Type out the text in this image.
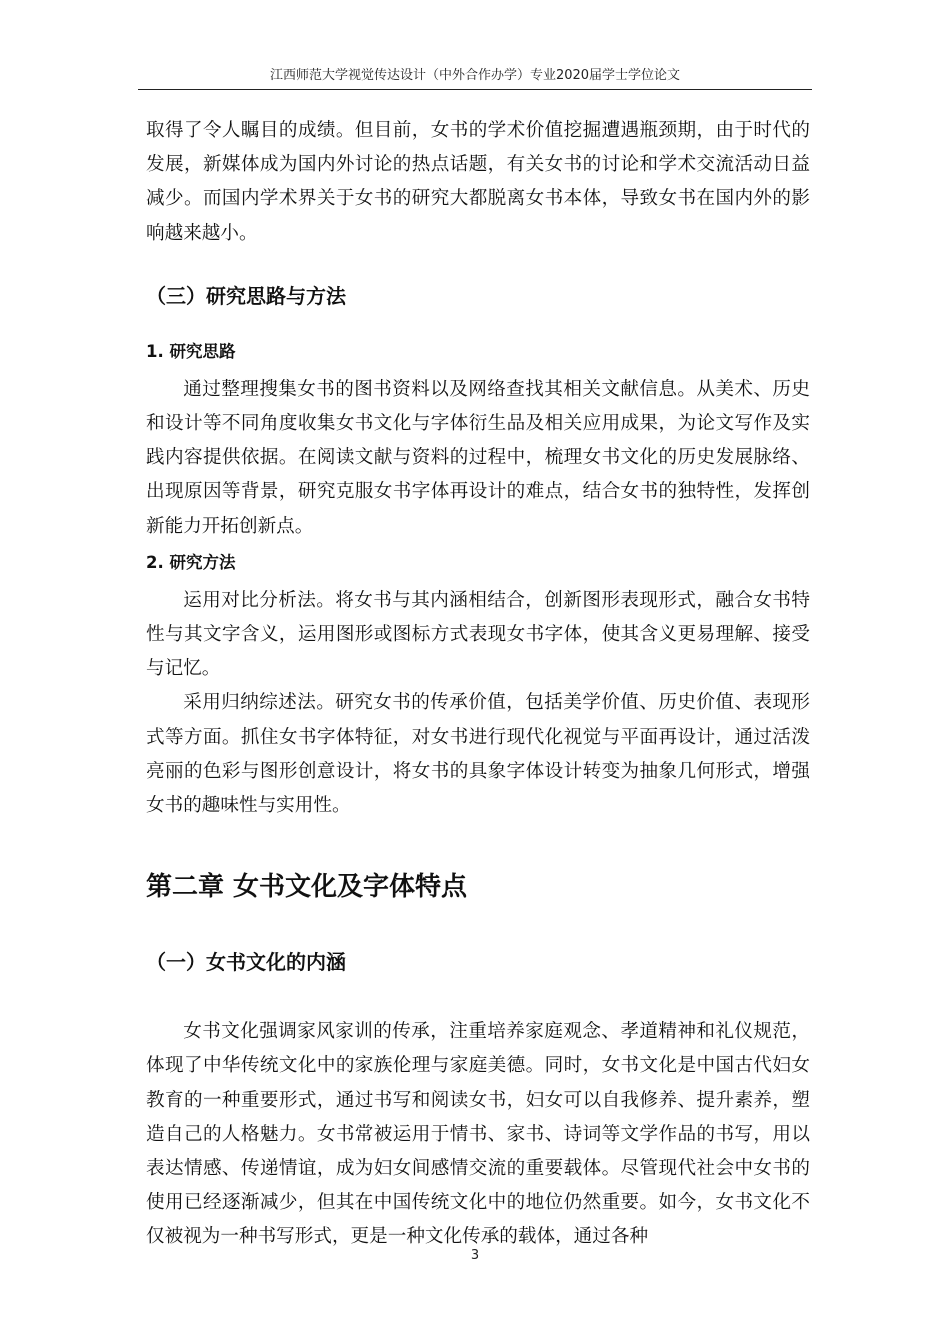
江西师范大学视觉传达设计（中外合作办学）专业2020届学士学位论文

取得了令人瞩目的成绩。但目前，女书的学术价值挖掘遭遇瓶颈期，由于时代的发展，新媒体成为国内外讨论的热点话题，有关女书的讨论和学术交流活动日益减少。而国内学术界关于女书的研究大都脱离女书本体，导致女书在国内外的影响越来越小。

（三）研究思路与方法
1. 研究思路

通过整理搜集女书的图书资料以及网络查找其相关文献信息。从美术、历史和设计等不同角度收集女书文化与字体衍生品及相关应用成果，为论文写作及实践内容提供依据。在阅读文献与资料的过程中，梳理女书文化的历史发展脉络、出现原因等背景，研究克服女书字体再设计的难点，结合女书的独特性，发挥创新能力开拓创新点。

2. 研究方法

运用对比分析法。将女书与其内涵相结合，创新图形表现形式，融合女书特性与其文字含义，运用图形或图标方式表现女书字体，使其含义更易理解、接受与记忆。

采用归纳综述法。研究女书的传承价值，包括美学价值、历史价值、表现形式等方面。抓住女书字体特征，对女书进行现代化视觉与平面再设计，通过活泼亮丽的色彩与图形创意设计，将女书的具象字体设计转变为抽象几何形式，增强女书的趣味性与实用性。

第二章 女书文化及字体特点
（一）女书文化的内涵

女书文化强调家风家训的传承，注重培养家庭观念、孝道精神和礼仪规范，体现了中华传统文化中的家族伦理与家庭美德。同时，女书文化是中国古代妇女教育的一种重要形式，通过书写和阅读女书，妇女可以自我修养、提升素养，塑造自己的人格魅力。女书常被运用于情书、家书、诗词等文学作品的书写，用以表达情感、传递情谊，成为妇女间感情交流的重要载体。尽管现代社会中女书的使用已经逐渐减少，但其在中国传统文化中的地位仍然重要。如今，女书文化不仅被视为一种书写形式，更是一种文化传承的载体，通过各种

3
